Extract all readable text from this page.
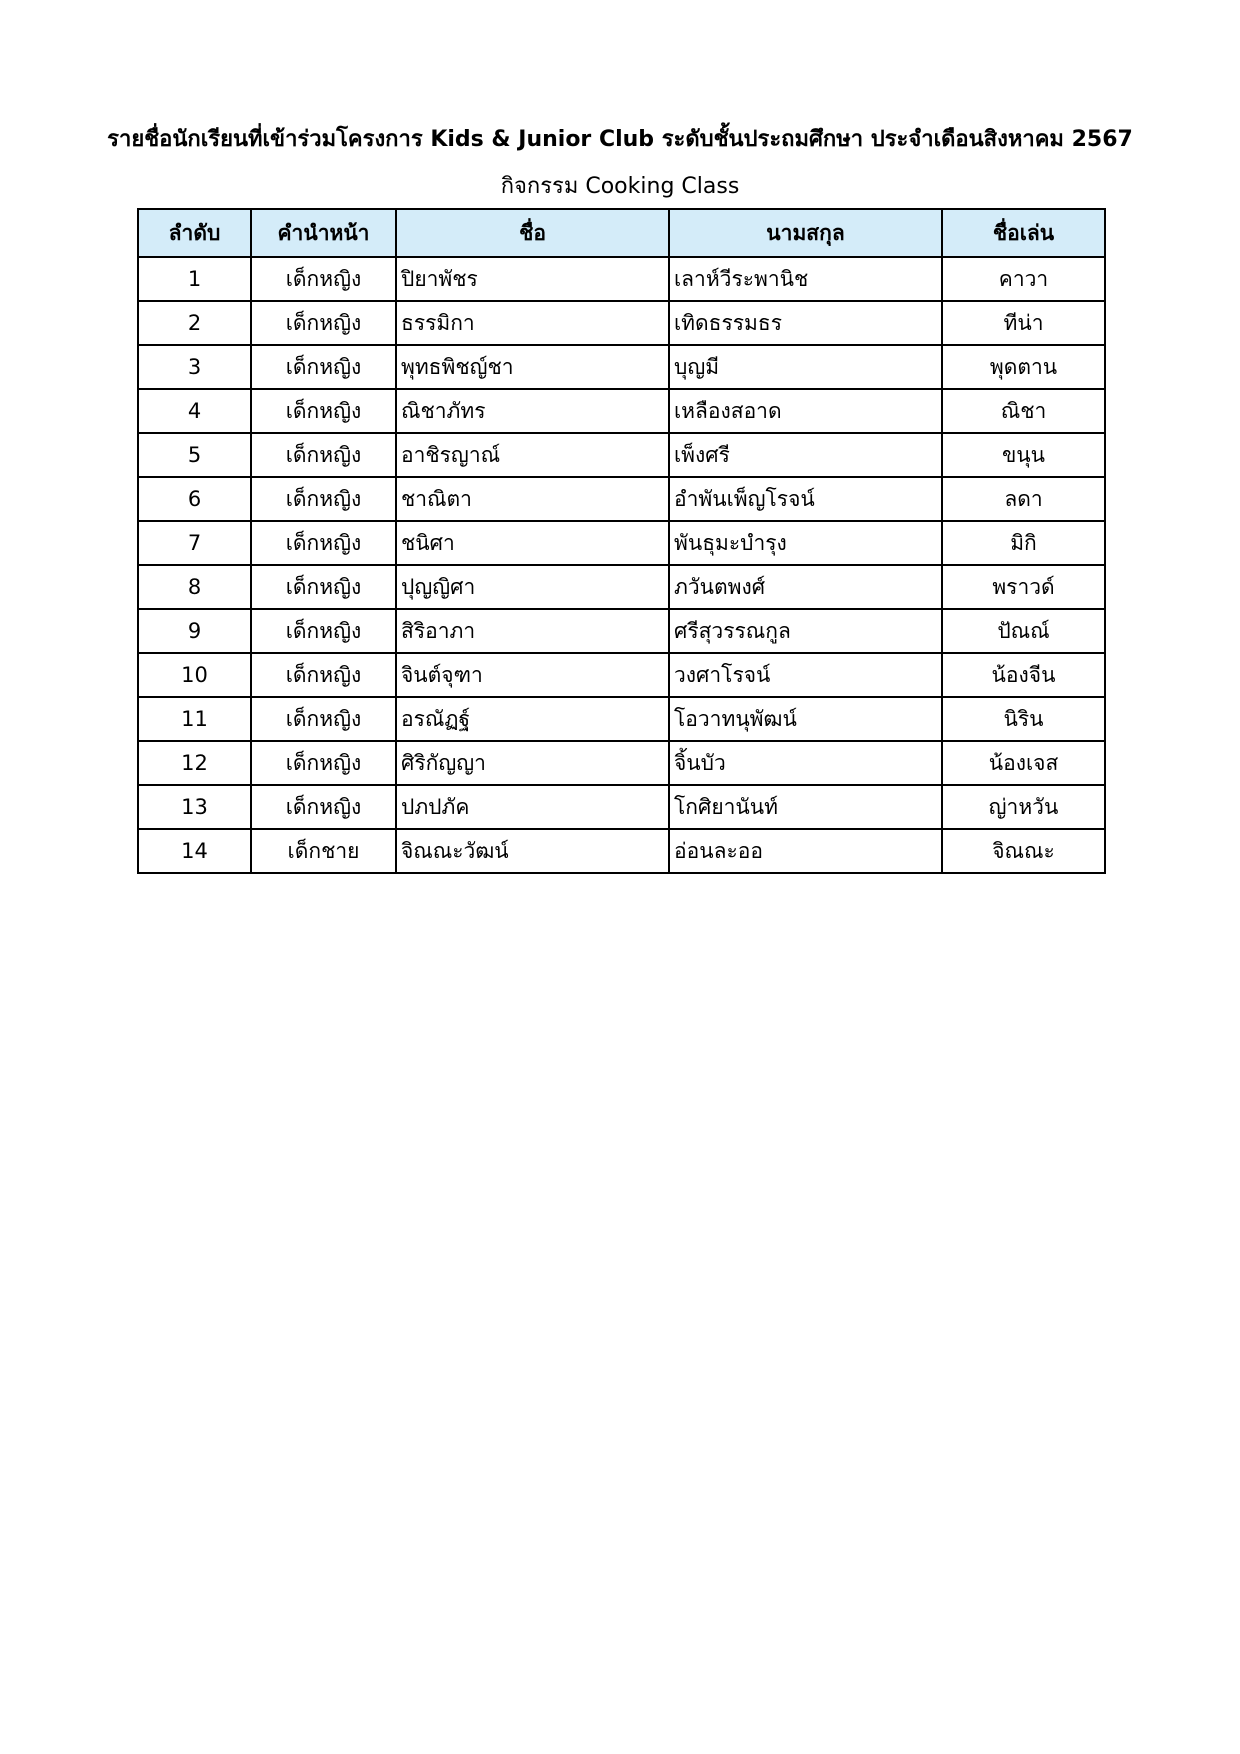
รายชื่อนักเรียนที่เข้าร่วมโครงการ Kids & Junior Club ระดับชั้นประถมศึกษา ประจำเดือนสิงหาคม 2567
กิจกรรม Cooking Class
ลำดับ	คำนำหน้า	ชื่อ	นามสกุล	ชื่อเล่น
1	เด็กหญิง	ปิยาพัชร	เลาห์วีระพานิช	คาวา
2	เด็กหญิง	ธรรมิกา	เทิดธรรมธร	ทีน่า
3	เด็กหญิง	พุทธพิชญ์ชา	บุญมี	พุดตาน
4	เด็กหญิง	ณิชาภัทร	เหลืองสอาด	ณิชา
5	เด็กหญิง	อาชิรญาณ์	เพ็งศรี	ขนุน
6	เด็กหญิง	ชาณิตา	อำพันเพ็ญโรจน์	ลดา
7	เด็กหญิง	ชนิศา	พันธุมะบำรุง	มิกิ
8	เด็กหญิง	ปุญญิศา	ภวันตพงศ์	พราวด์
9	เด็กหญิง	สิริอาภา	ศรีสุวรรณกูล	ปัณณ์
10	เด็กหญิง	จินต์จุฑา	วงศาโรจน์	น้องจีน
11	เด็กหญิง	อรณัฏฐ์	โอวาทนุพัฒน์	นิริน
12	เด็กหญิง	ศิริกัญญา	จิ้นบัว	น้องเจส
13	เด็กหญิง	ปภปภัค	โกศิยานันท์	ญ่าหวัน
14	เด็กชาย	จิณณะวัฒน์	อ่อนละออ	จิณณะ
